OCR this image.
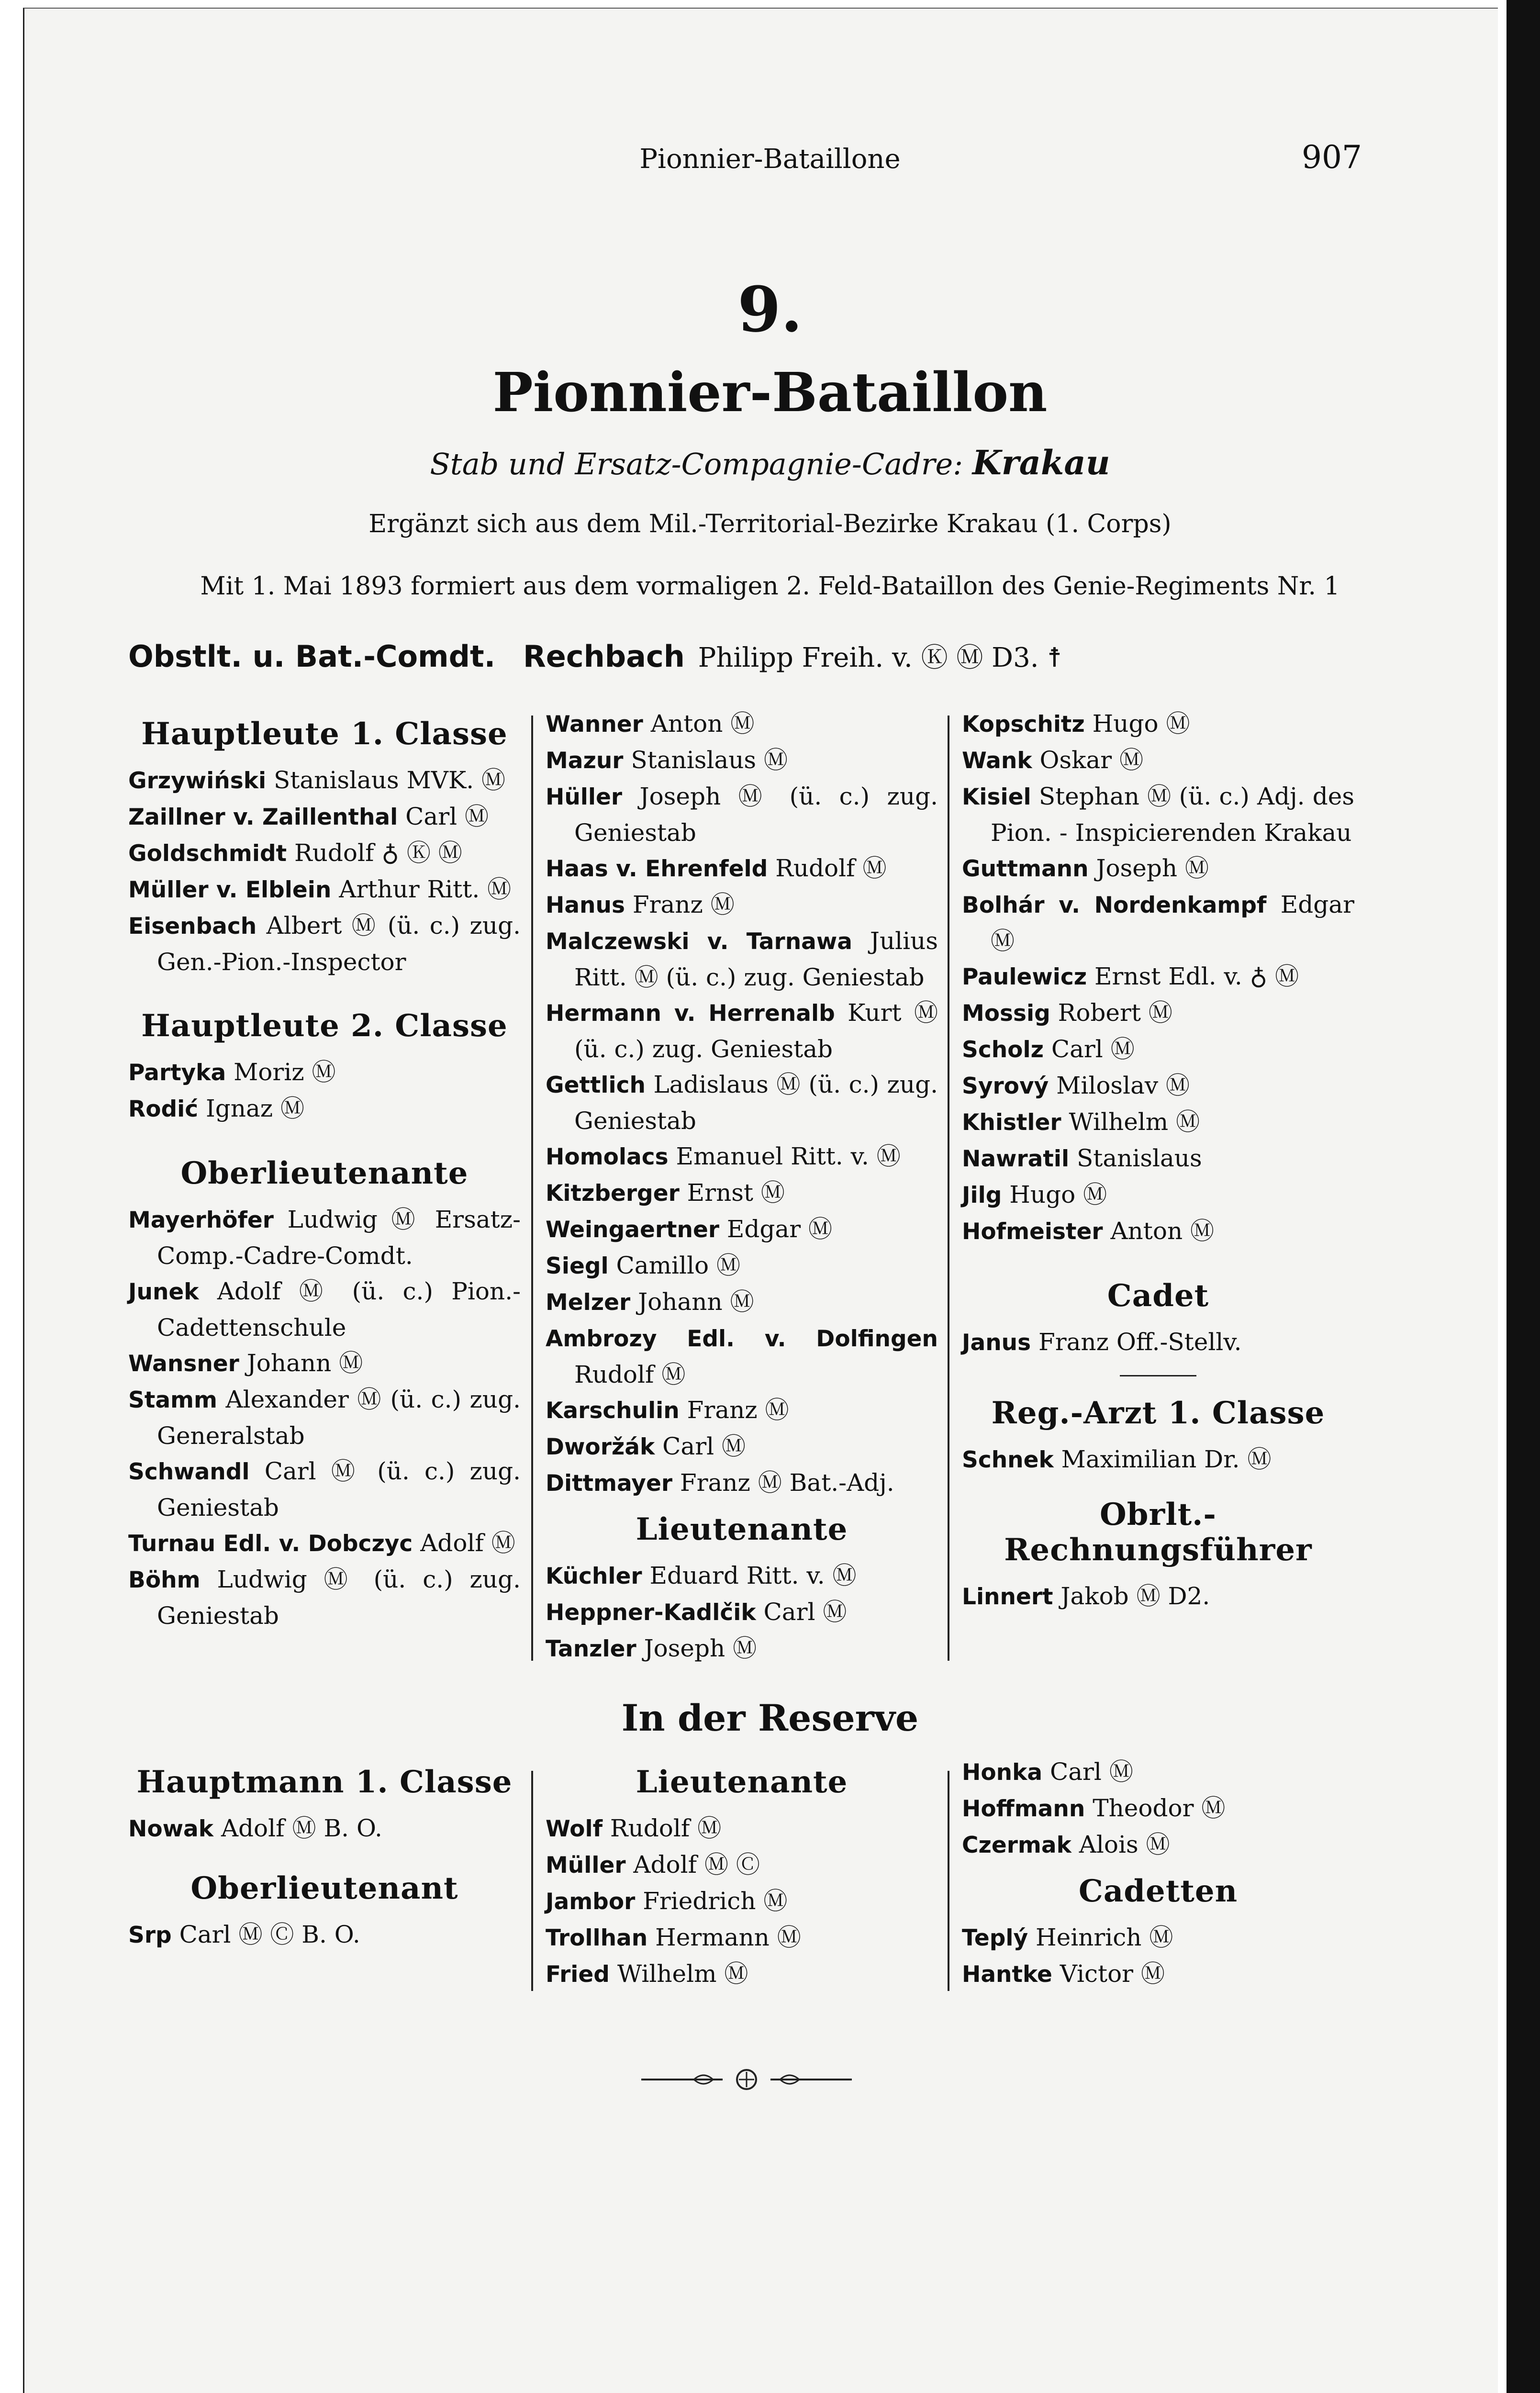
Pionnier-Bataillone	907
9.
Pionnier-Bataillon
Stab und Ersatz-Compagnie-Cadre: Krakau
Ergänzt sich aus dem Mil.-Territorial-Bezirke Krakau (1. Corps)
Mit 1. Mai 1893 formiert aus dem vormaligen 2. Feld-Bataillon des Genie-Regiments Nr. 1
Obstlt. u. Bat.-Comdt. Rechbach Philipp Freih. v. Ⓚ Ⓜ D3. ☨
Hauptleute 1. Classe
Grzywiński Stanislaus MVK. Ⓜ
Zaillner v. Zaillenthal Carl Ⓜ
Goldschmidt Rudolf ♁ Ⓚ Ⓜ
Müller v. Elblein Arthur Ritt. Ⓜ
Eisenbach Albert Ⓜ (ü. c.) zug. Gen.-Pion.-Inspector
Hauptleute 2. Classe
Partyka Moriz Ⓜ
Rodić Ignaz Ⓜ
Oberlieutenante
Mayerhöfer Ludwig Ⓜ Ersatz-Comp.-Cadre-Comdt.
Junek Adolf Ⓜ (ü. c.) Pion.-Cadettenschule
Wansner Johann Ⓜ
Stamm Alexander Ⓜ (ü. c.) zug. Generalstab
Schwandl Carl Ⓜ (ü. c.) zug. Geniestab
Turnau Edl. v. Dobczyc Adolf Ⓜ
Böhm Ludwig Ⓜ (ü. c.) zug. Geniestab
Wanner Anton Ⓜ
Mazur Stanislaus Ⓜ
Hüller Joseph Ⓜ (ü. c.) zug. Geniestab
Haas v. Ehrenfeld Rudolf Ⓜ
Hanus Franz Ⓜ
Malczewski v. Tarnawa Julius Ritt. Ⓜ (ü. c.) zug. Geniestab
Hermann v. Herrenalb Kurt Ⓜ (ü. c.) zug. Geniestab
Gettlich Ladislaus Ⓜ (ü. c.) zug. Geniestab
Homolacs Emanuel Ritt. v. Ⓜ
Kitzberger Ernst Ⓜ
Weingaertner Edgar Ⓜ
Siegl Camillo Ⓜ
Melzer Johann Ⓜ
Ambrozy Edl. v. Dolfingen Rudolf Ⓜ
Karschulin Franz Ⓜ
Dworžák Carl Ⓜ
Dittmayer Franz Ⓜ Bat.-Adj.
Lieutenante
Küchler Eduard Ritt. v. Ⓜ
Heppner-Kadlčik Carl Ⓜ
Tanzler Joseph Ⓜ
Kopschitz Hugo Ⓜ
Wank Oskar Ⓜ
Kisiel Stephan Ⓜ (ü. c.) Adj. des Pion. - Inspicierenden Krakau
Guttmann Joseph Ⓜ
Bolhár v. Nordenkampf Edgar Ⓜ
Paulewicz Ernst Edl. v. ♁ Ⓜ
Mossig Robert Ⓜ
Scholz Carl Ⓜ
Syrový Miloslav Ⓜ
Khistler Wilhelm Ⓜ
Nawratil Stanislaus
Jilg Hugo Ⓜ
Hofmeister Anton Ⓜ
Cadet
Janus Franz Off.-Stellv.
Reg.-Arzt 1. Classe
Schnek Maximilian Dr. Ⓜ
Obrlt.-Rechnungsführer
Linnert Jakob Ⓜ D2.
In der Reserve
Hauptmann 1. Classe
Nowak Adolf Ⓜ B. O.
Oberlieutenant
Srp Carl Ⓜ Ⓒ B. O.
Lieutenante
Wolf Rudolf Ⓜ
Müller Adolf Ⓜ Ⓒ
Jambor Friedrich Ⓜ
Trollhan Hermann Ⓜ
Fried Wilhelm Ⓜ
Honka Carl Ⓜ
Hoffmann Theodor Ⓜ
Czermak Alois Ⓜ
Cadetten
Teplý Heinrich Ⓜ
Hantke Victor Ⓜ
